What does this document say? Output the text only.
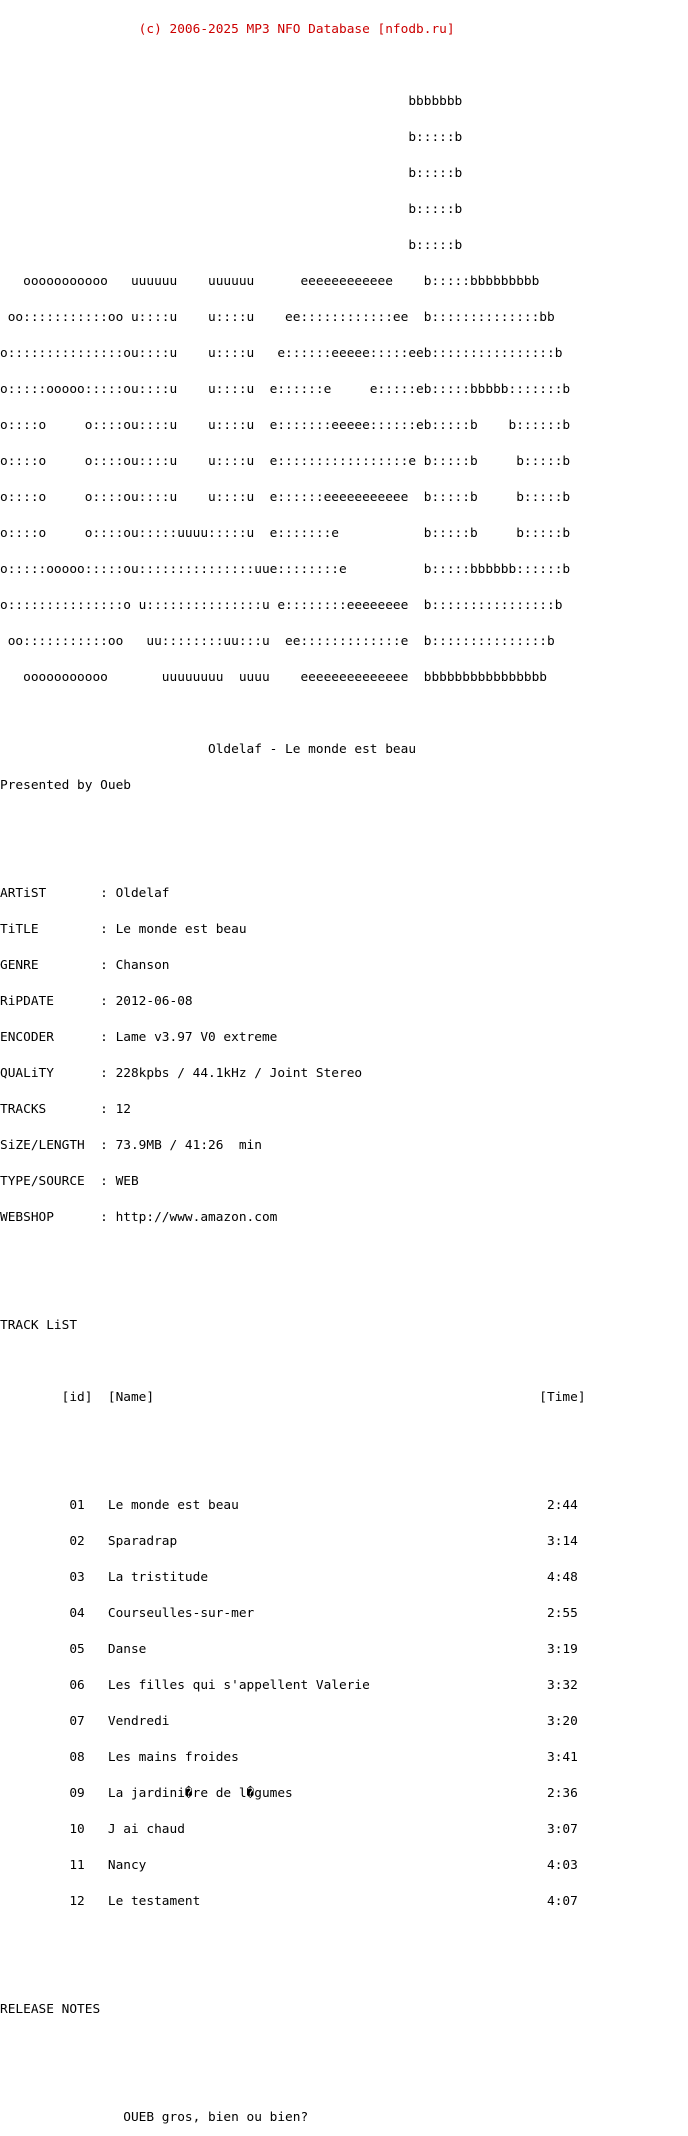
(c) 2006-2025 MP3 NFO Database [nfodb.ru]

bbbbbbb

b:::::b

b:::::b

b:::::b

b:::::b

ooooooooooo   uuuuuu    uuuuuu      eeeeeeeeeeee    b:::::bbbbbbbbb

oo:::::::::::oo u::::u    u::::u    ee::::::::::::ee  b::::::::::::::bb

o:::::::::::::::ou::::u    u::::u   e::::::eeeee:::::eeb::::::::::::::::b

o:::::ooooo:::::ou::::u    u::::u  e::::::e     e:::::eb:::::bbbbb:::::::b

o::::o     o::::ou::::u    u::::u  e:::::::eeeee::::::eb:::::b    b::::::b

o::::o     o::::ou::::u    u::::u  e:::::::::::::::::e b:::::b     b:::::b

o::::o     o::::ou::::u    u::::u  e::::::eeeeeeeeeee  b:::::b     b:::::b

o::::o     o::::ou:::::uuuu:::::u  e:::::::e           b:::::b     b:::::b

o:::::ooooo:::::ou:::::::::::::::uue::::::::e          b:::::bbbbbb::::::b

o:::::::::::::::o u:::::::::::::::u e::::::::eeeeeeee  b::::::::::::::::b

oo:::::::::::oo   uu::::::::uu:::u  ee:::::::::::::e  b:::::::::::::::b

ooooooooooo       uuuuuuuu  uuuu    eeeeeeeeeeeeee  bbbbbbbbbbbbbbbb

Oldelaf - Le monde est beau

Presented by Oueb

ARTiST       : Oldelaf

TiTLE        : Le monde est beau

GENRE        : Chanson

RiPDATE      : 2012-06-08

ENCODER      : Lame v3.97 V0 extreme

QUALiTY      : 228kpbs / 44.1kHz / Joint Stereo

TRACKS       : 12

SiZE/LENGTH  : 73.9MB / 41:26  min

TYPE/SOURCE  : WEB

WEBSHOP      : http://www.amazon.com

TRACK LiST

[id]  [Name]                                                  [Time]

01   Le monde est beau                                        2:44

02   Sparadrap                                                3:14

03   La tristitude                                            4:48

04   Courseulles-sur-mer                                      2:55

05   Danse                                                    3:19

06   Les filles qui s'appellent Valerie                       3:32

07   Vendredi                                                 3:20

08   Les mains froides                                        3:41

09   La jardini�re de l�gumes                                 2:36

10   J ai chaud                                               3:07

11   Nancy                                                    4:03

12   Le testament                                             4:07

RELEASE NOTES

OUEB gros, bien ou bien?
